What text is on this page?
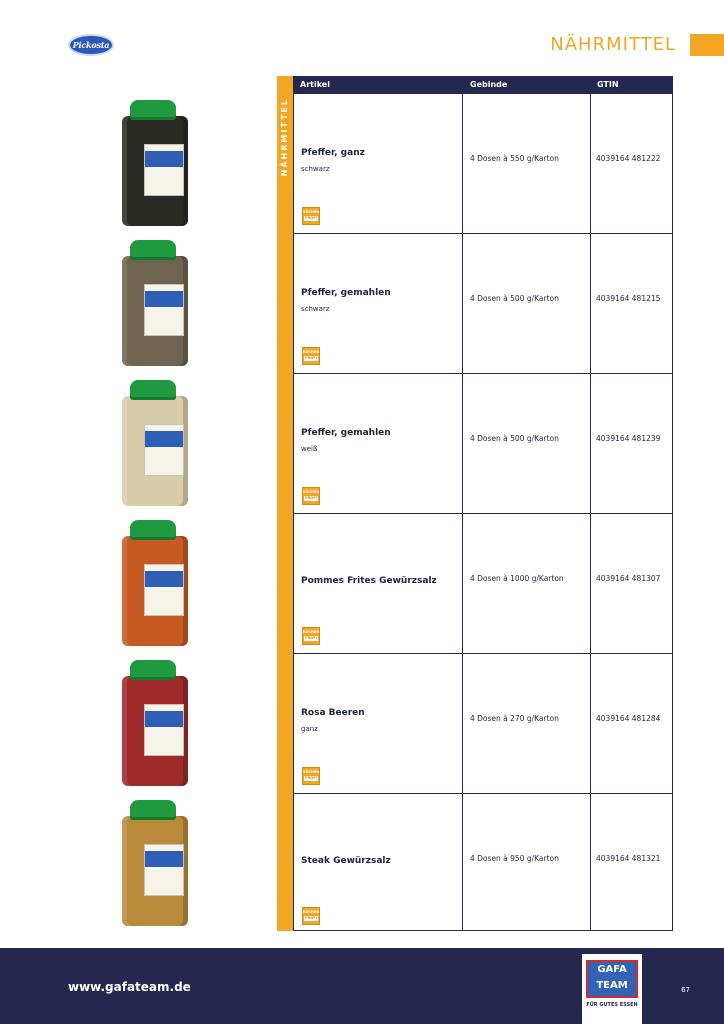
Pickosta	NÄHRMITTEL
NÄHRMITTEL
Artikel	Gebinde	GTIN
Pfeffer, ganz
schwarz
4 Dosen à 550 g/Karton	4039164 481222
KÜCHEN
PROFI
Pfeffer, gemahlen
schwarz
4 Dosen à 500 g/Karton	4039164 481215
KÜCHEN
PROFI
Pfeffer, gemahlen
weiß
4 Dosen à 500 g/Karton	4039164 481239
KÜCHEN
PROFI
Pommes Frites Gewürzsalz	4 Dosen à 1000 g/Karton	4039164 481307
KÜCHEN
PROFI
Rosa Beeren
ganz
4 Dosen à 270 g/Karton	4039164 481284
KÜCHEN
PROFI
Steak Gewürzsalz	4 Dosen à 950 g/Karton	4039164 481321
KÜCHEN
PROFI
www.gafateam.de
GAFA
TEAM
FÜR GUTES ESSEN
67
